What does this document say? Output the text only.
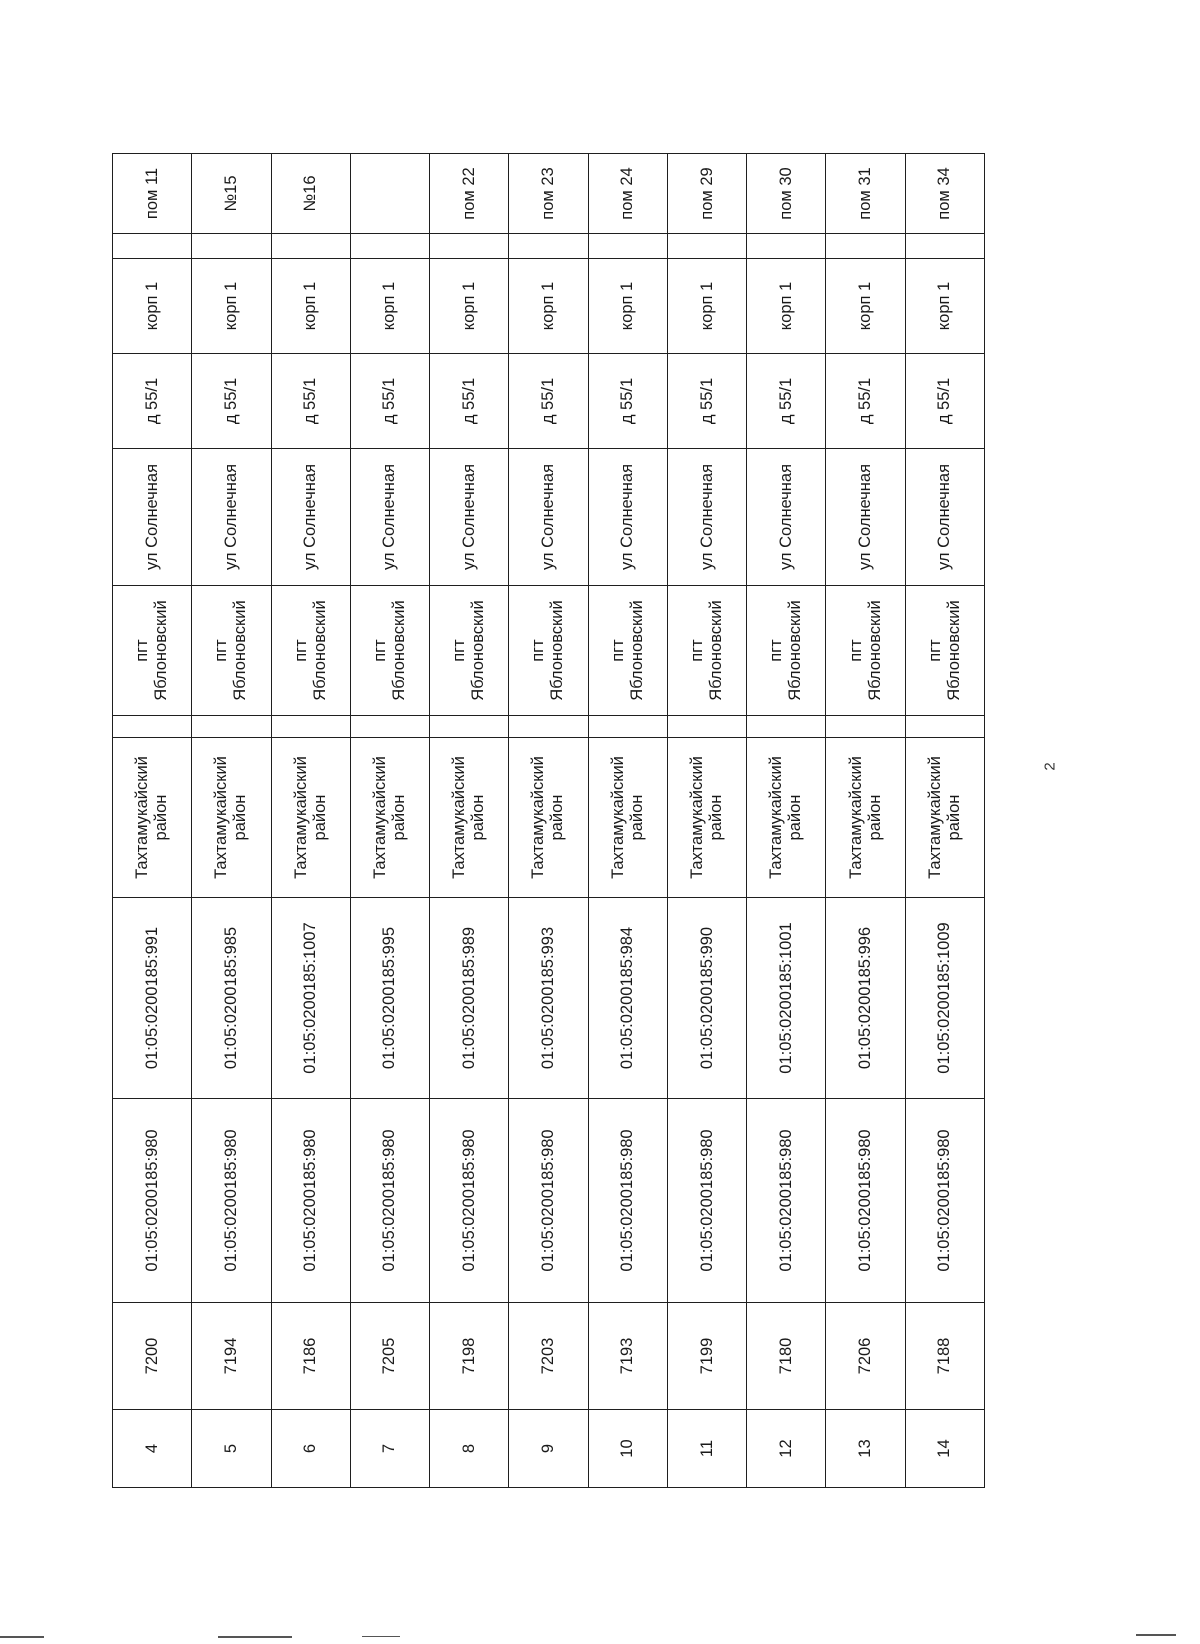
4	7200	01:05:0200185:980	01:05:0200185:991	Тахтамукайский район		пгт Яблоновский	ул Солнечная	д 55/1	корп 1		пом 11
5	7194	01:05:0200185:980	01:05:0200185:985	Тахтамукайский район		пгт Яблоновский	ул Солнечная	д 55/1	корп 1		№15
6	7186	01:05:0200185:980	01:05:0200185:1007	Тахтамукайский район		пгт Яблоновский	ул Солнечная	д 55/1	корп 1		№16
7	7205	01:05:0200185:980	01:05:0200185:995	Тахтамукайский район		пгт Яблоновский	ул Солнечная	д 55/1	корп 1		
8	7198	01:05:0200185:980	01:05:0200185:989	Тахтамукайский район		пгт Яблоновский	ул Солнечная	д 55/1	корп 1		пом 22
9	7203	01:05:0200185:980	01:05:0200185:993	Тахтамукайский район		пгт Яблоновский	ул Солнечная	д 55/1	корп 1		пом 23
10	7193	01:05:0200185:980	01:05:0200185:984	Тахтамукайский район		пгт Яблоновский	ул Солнечная	д 55/1	корп 1		пом 24
11	7199	01:05:0200185:980	01:05:0200185:990	Тахтамукайский район		пгт Яблоновский	ул Солнечная	д 55/1	корп 1		пом 29
12	7180	01:05:0200185:980	01:05:0200185:1001	Тахтамукайский район		пгт Яблоновский	ул Солнечная	д 55/1	корп 1		пом 30
13	7206	01:05:0200185:980	01:05:0200185:996	Тахтамукайский район		пгт Яблоновский	ул Солнечная	д 55/1	корп 1		пом 31
14	7188	01:05:0200185:980	01:05:0200185:1009	Тахтамукайский район		пгт Яблоновский	ул Солнечная	д 55/1	корп 1		пом 34
2
